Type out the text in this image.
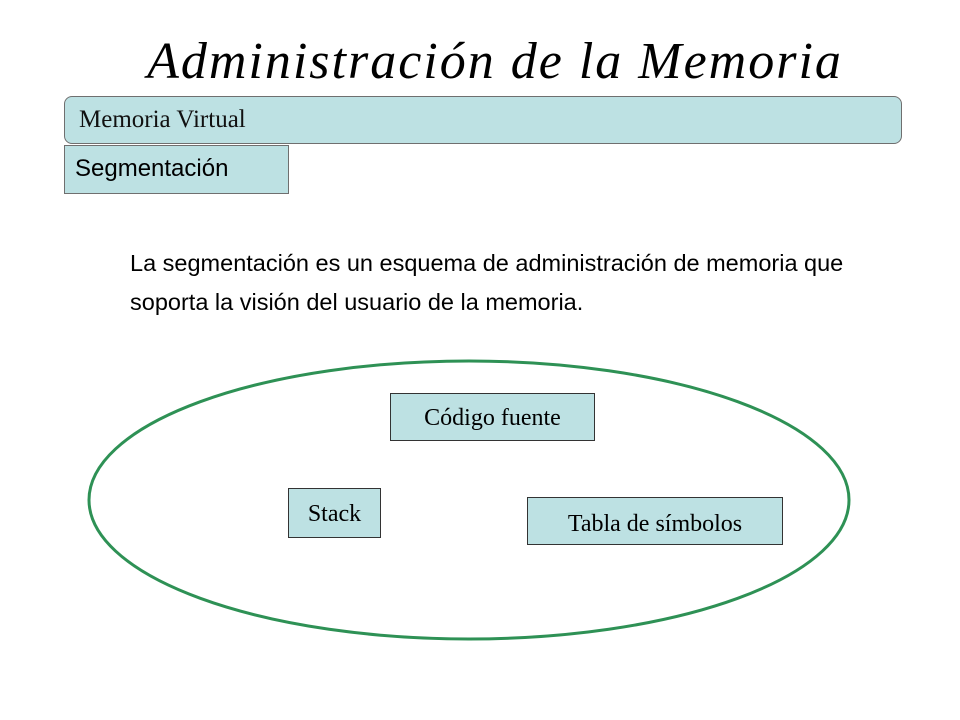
Administración de la Memoria
Memoria Virtual
Segmentación
La segmentación es un esquema de administración de memoria que soporta la visión del usuario de la memoria.
Código fuente
Stack	Tabla de símbolos
